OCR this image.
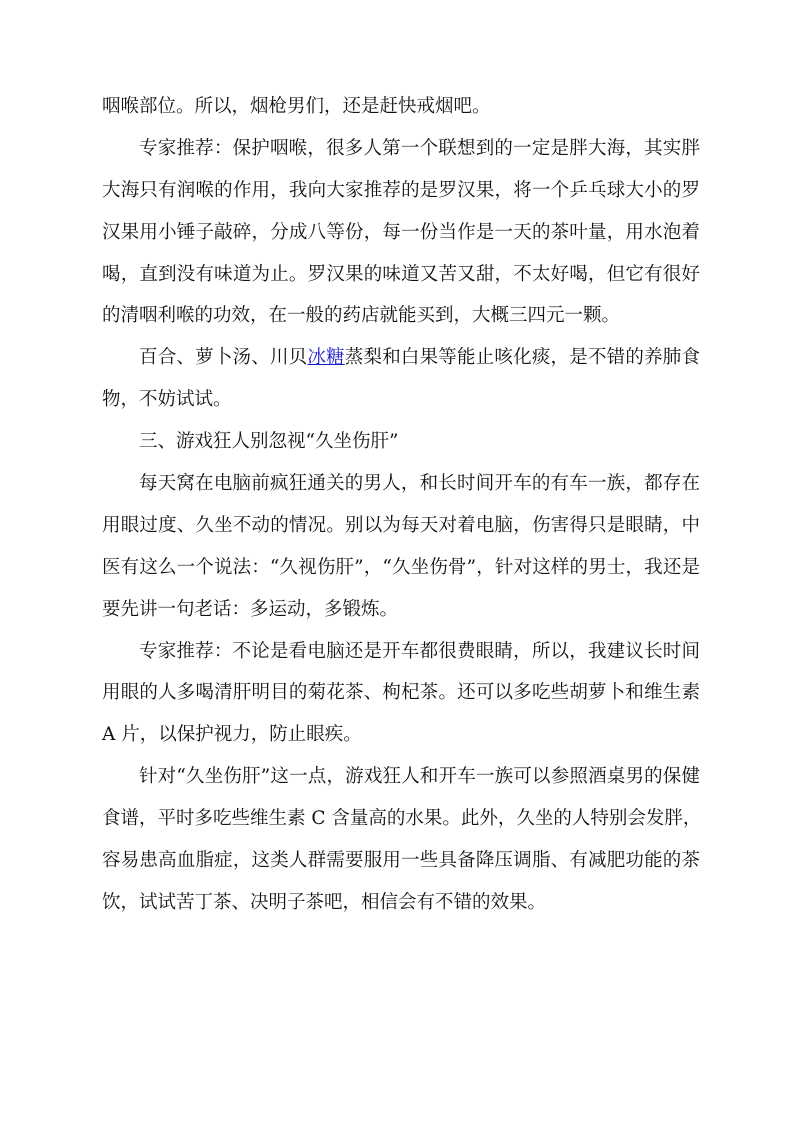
咽喉部位。所以，烟枪男们，还是赶快戒烟吧。
专家推荐：保护咽喉，很多人第一个联想到的一定是胖大海，其实胖
大海只有润喉的作用，我向大家推荐的是罗汉果，将一个乒乓球大小的罗
汉果用小锤子敲碎，分成八等份，每一份当作是一天的茶叶量，用水泡着
喝，直到没有味道为止。罗汉果的味道又苦又甜，不太好喝，但它有很好
的清咽利喉的功效，在一般的药店就能买到，大概三四元一颗。
百合、萝卜汤、川贝冰糖蒸梨和白果等能止咳化痰，是不错的养肺食
物，不妨试试。
三、游戏狂人别忽视“久坐伤肝”
每天窝在电脑前疯狂通关的男人，和长时间开车的有车一族，都存在
用眼过度、久坐不动的情况。别以为每天对着电脑，伤害得只是眼睛，中
医有这么一个说法：“久视伤肝”，“久坐伤骨”，针对这样的男士，我还是
要先讲一句老话：多运动，多锻炼。
专家推荐：不论是看电脑还是开车都很费眼睛，所以，我建议长时间
用眼的人多喝清肝明目的菊花茶、枸杞茶。还可以多吃些胡萝卜和维生素
A 片，以保护视力，防止眼疾。
针对“久坐伤肝”这一点，游戏狂人和开车一族可以参照酒桌男的保健
食谱，平时多吃些维生素 C 含量高的水果。此外，久坐的人特别会发胖，
容易患高血脂症，这类人群需要服用一些具备降压调脂、有减肥功能的茶
饮，试试苦丁茶、决明子茶吧，相信会有不错的效果。
